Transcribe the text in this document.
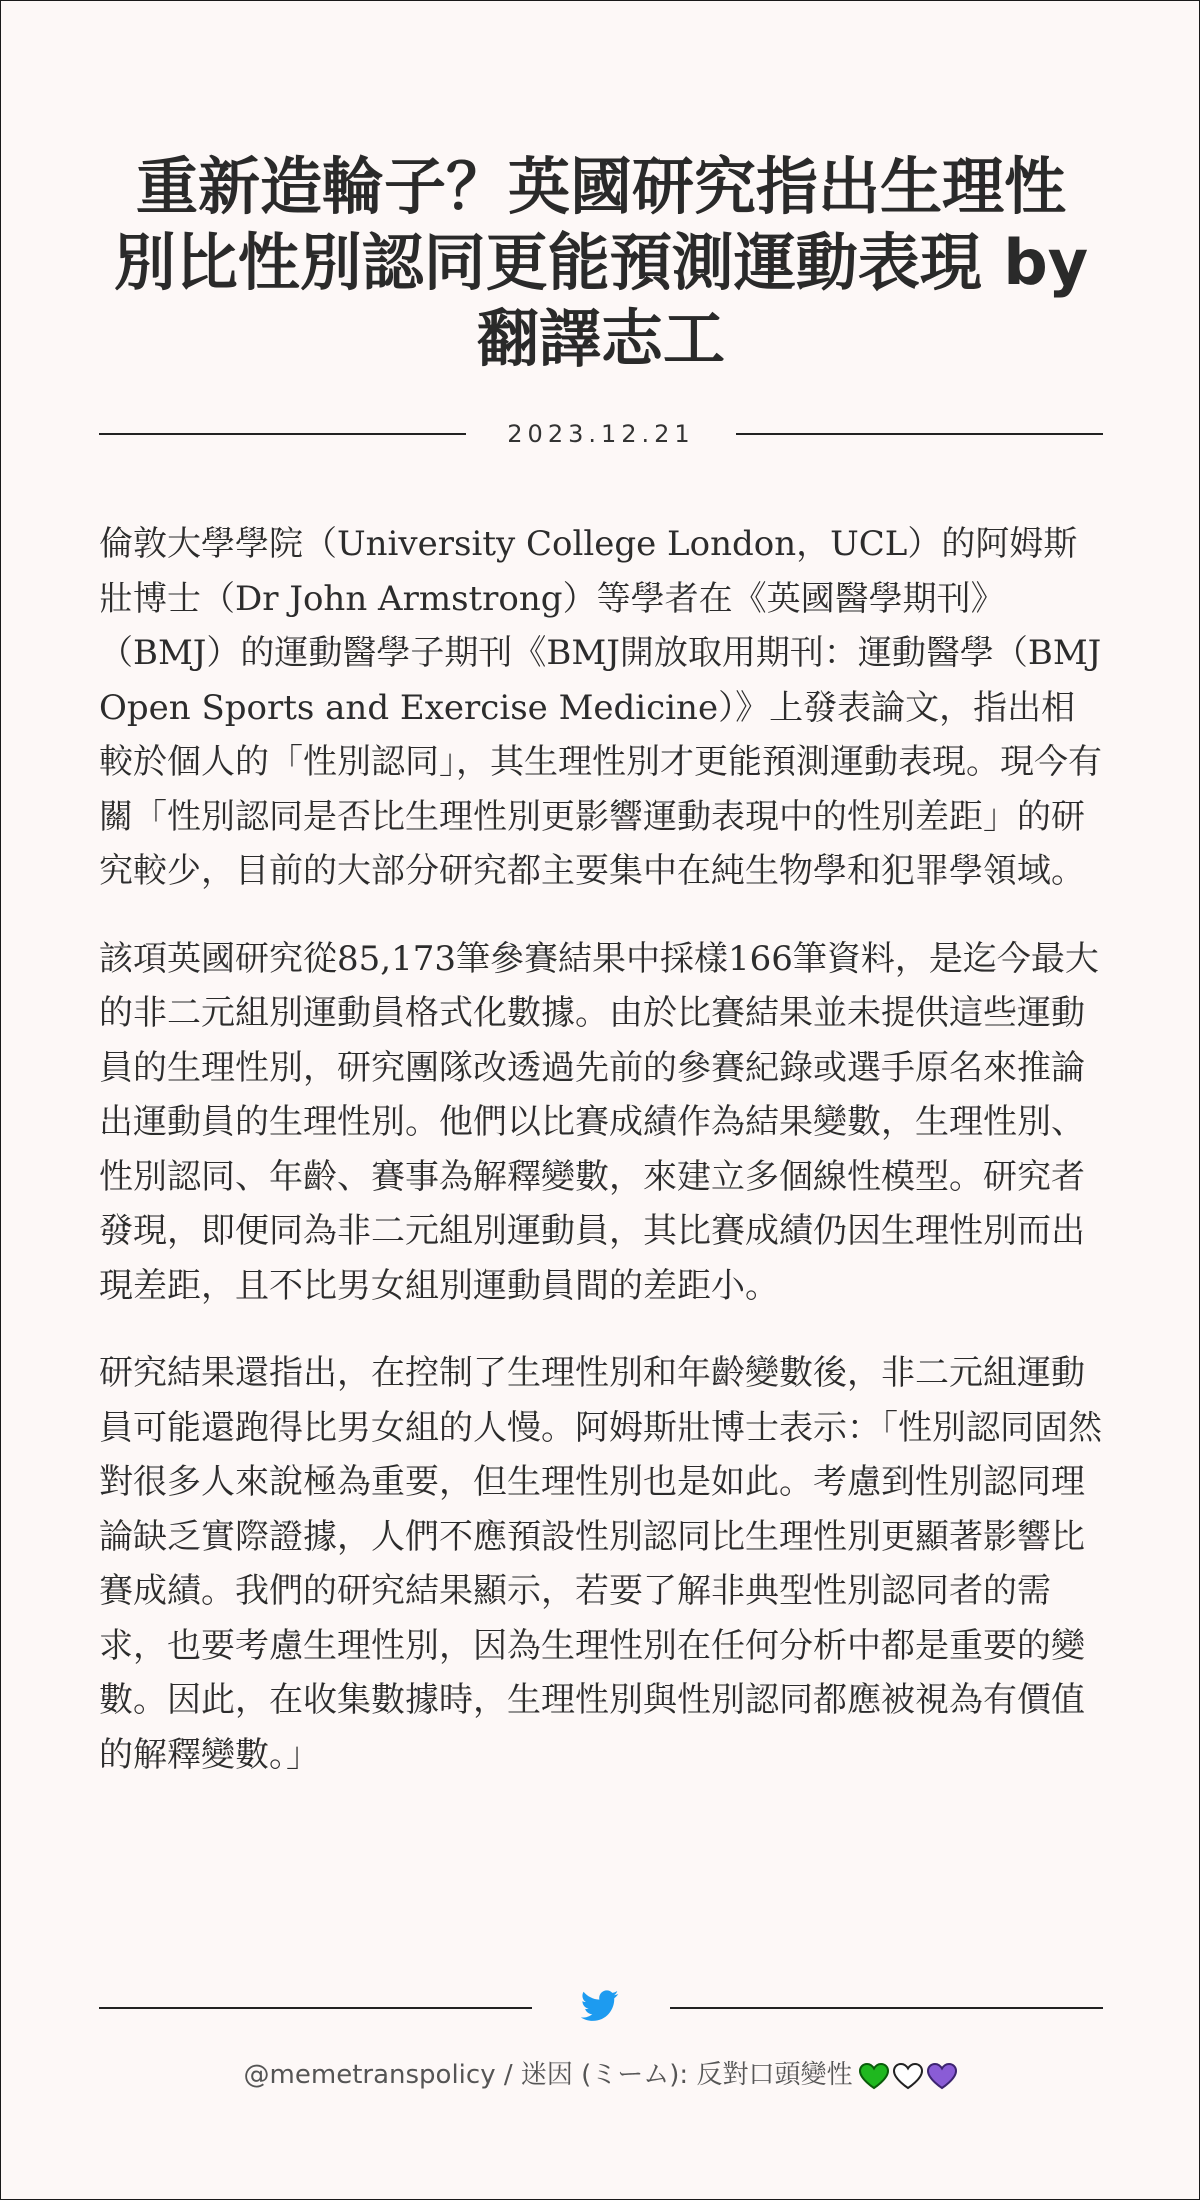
重新造輪子？英國研究指出生理性別比性別認同更能預測運動表現 by 翻譯志工
2023.12.21

倫敦大學學院（University College London，UCL）的阿姆斯壯博士（Dr John Armstrong）等學者在《英國醫學期刊》（BMJ）的運動醫學子期刊《BMJ開放取用期刊：運動醫學（BMJ Open Sports and Exercise Medicine）》上發表論文，指出相較於個人的「性別認同」，其生理性別才更能預測運動表現。現今有關「性別認同是否比生理性別更影響運動表現中的性別差距」的研究較少，目前的大部分研究都主要集中在純生物學和犯罪學領域。

該項英國研究從85,173筆參賽結果中採樣166筆資料，是迄今最大的非二元組別運動員格式化數據。由於比賽結果並未提供這些運動員的生理性別，研究團隊改透過先前的參賽紀錄或選手原名來推論出運動員的生理性別。他們以比賽成績作為結果變數，生理性別、性別認同、年齡、賽事為解釋變數，來建立多個線性模型。研究者發現，即便同為非二元組別運動員，其比賽成績仍因生理性別而出現差距，且不比男女組別運動員間的差距小。

研究結果還指出，在控制了生理性別和年齡變數後，非二元組運動員可能還跑得比男女組的人慢。阿姆斯壯博士表示：「性別認同固然對很多人來說極為重要，但生理性別也是如此。考慮到性別認同理論缺乏實際證據，人們不應預設性別認同比生理性別更顯著影響比賽成績。我們的研究結果顯示，若要了解非典型性別認同者的需求，也要考慮生理性別，因為生理性別在任何分析中都是重要的變數。因此，在收集數據時，生理性別與性別認同都應被視為有價值的解釋變數。」

@memetranspolicy / 迷因 (ミーム): 反對口頭變性
